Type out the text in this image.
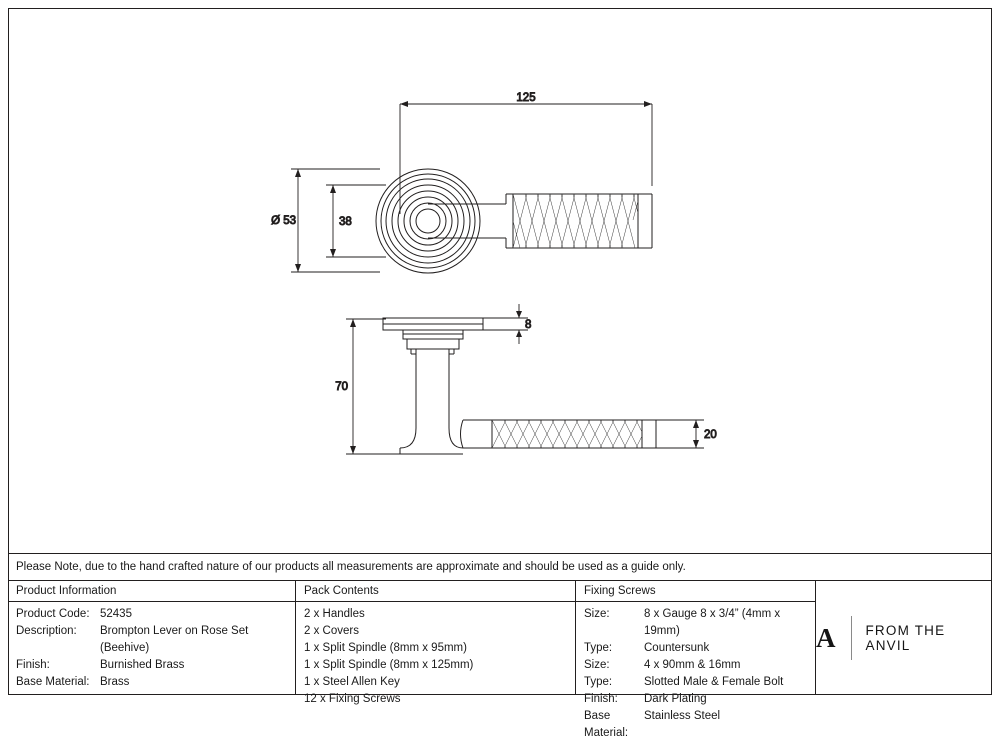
125
Ø 53	38
8
70
20
Please Note, due to the hand crafted nature of our products all measurements are approximate and should be used as a guide only.
Product Information
Product Code: 52435
Description:	Brompton Lever on Rose Set
(Beehive)
Finish:	Burnished Brass
Base Material: Brass
Pack Contents
2 x Handles
2 x Covers
1 x Split Spindle (8mm x 95mm)
1 x Split Spindle (8mm x 125mm)
1 x Steel Allen Key
12 x Fixing Screws
Fixing Screws
Size:	8 x Gauge 8 x 3/4” (4mm x 19mm)
Type:	Countersunk
Size:	4 x 90mm & 16mm
Type:	Slotted Male & Female Bolt
Finish:	Dark Plating
Base Material:
Stainless Steel
A FROM THE ANVIL
